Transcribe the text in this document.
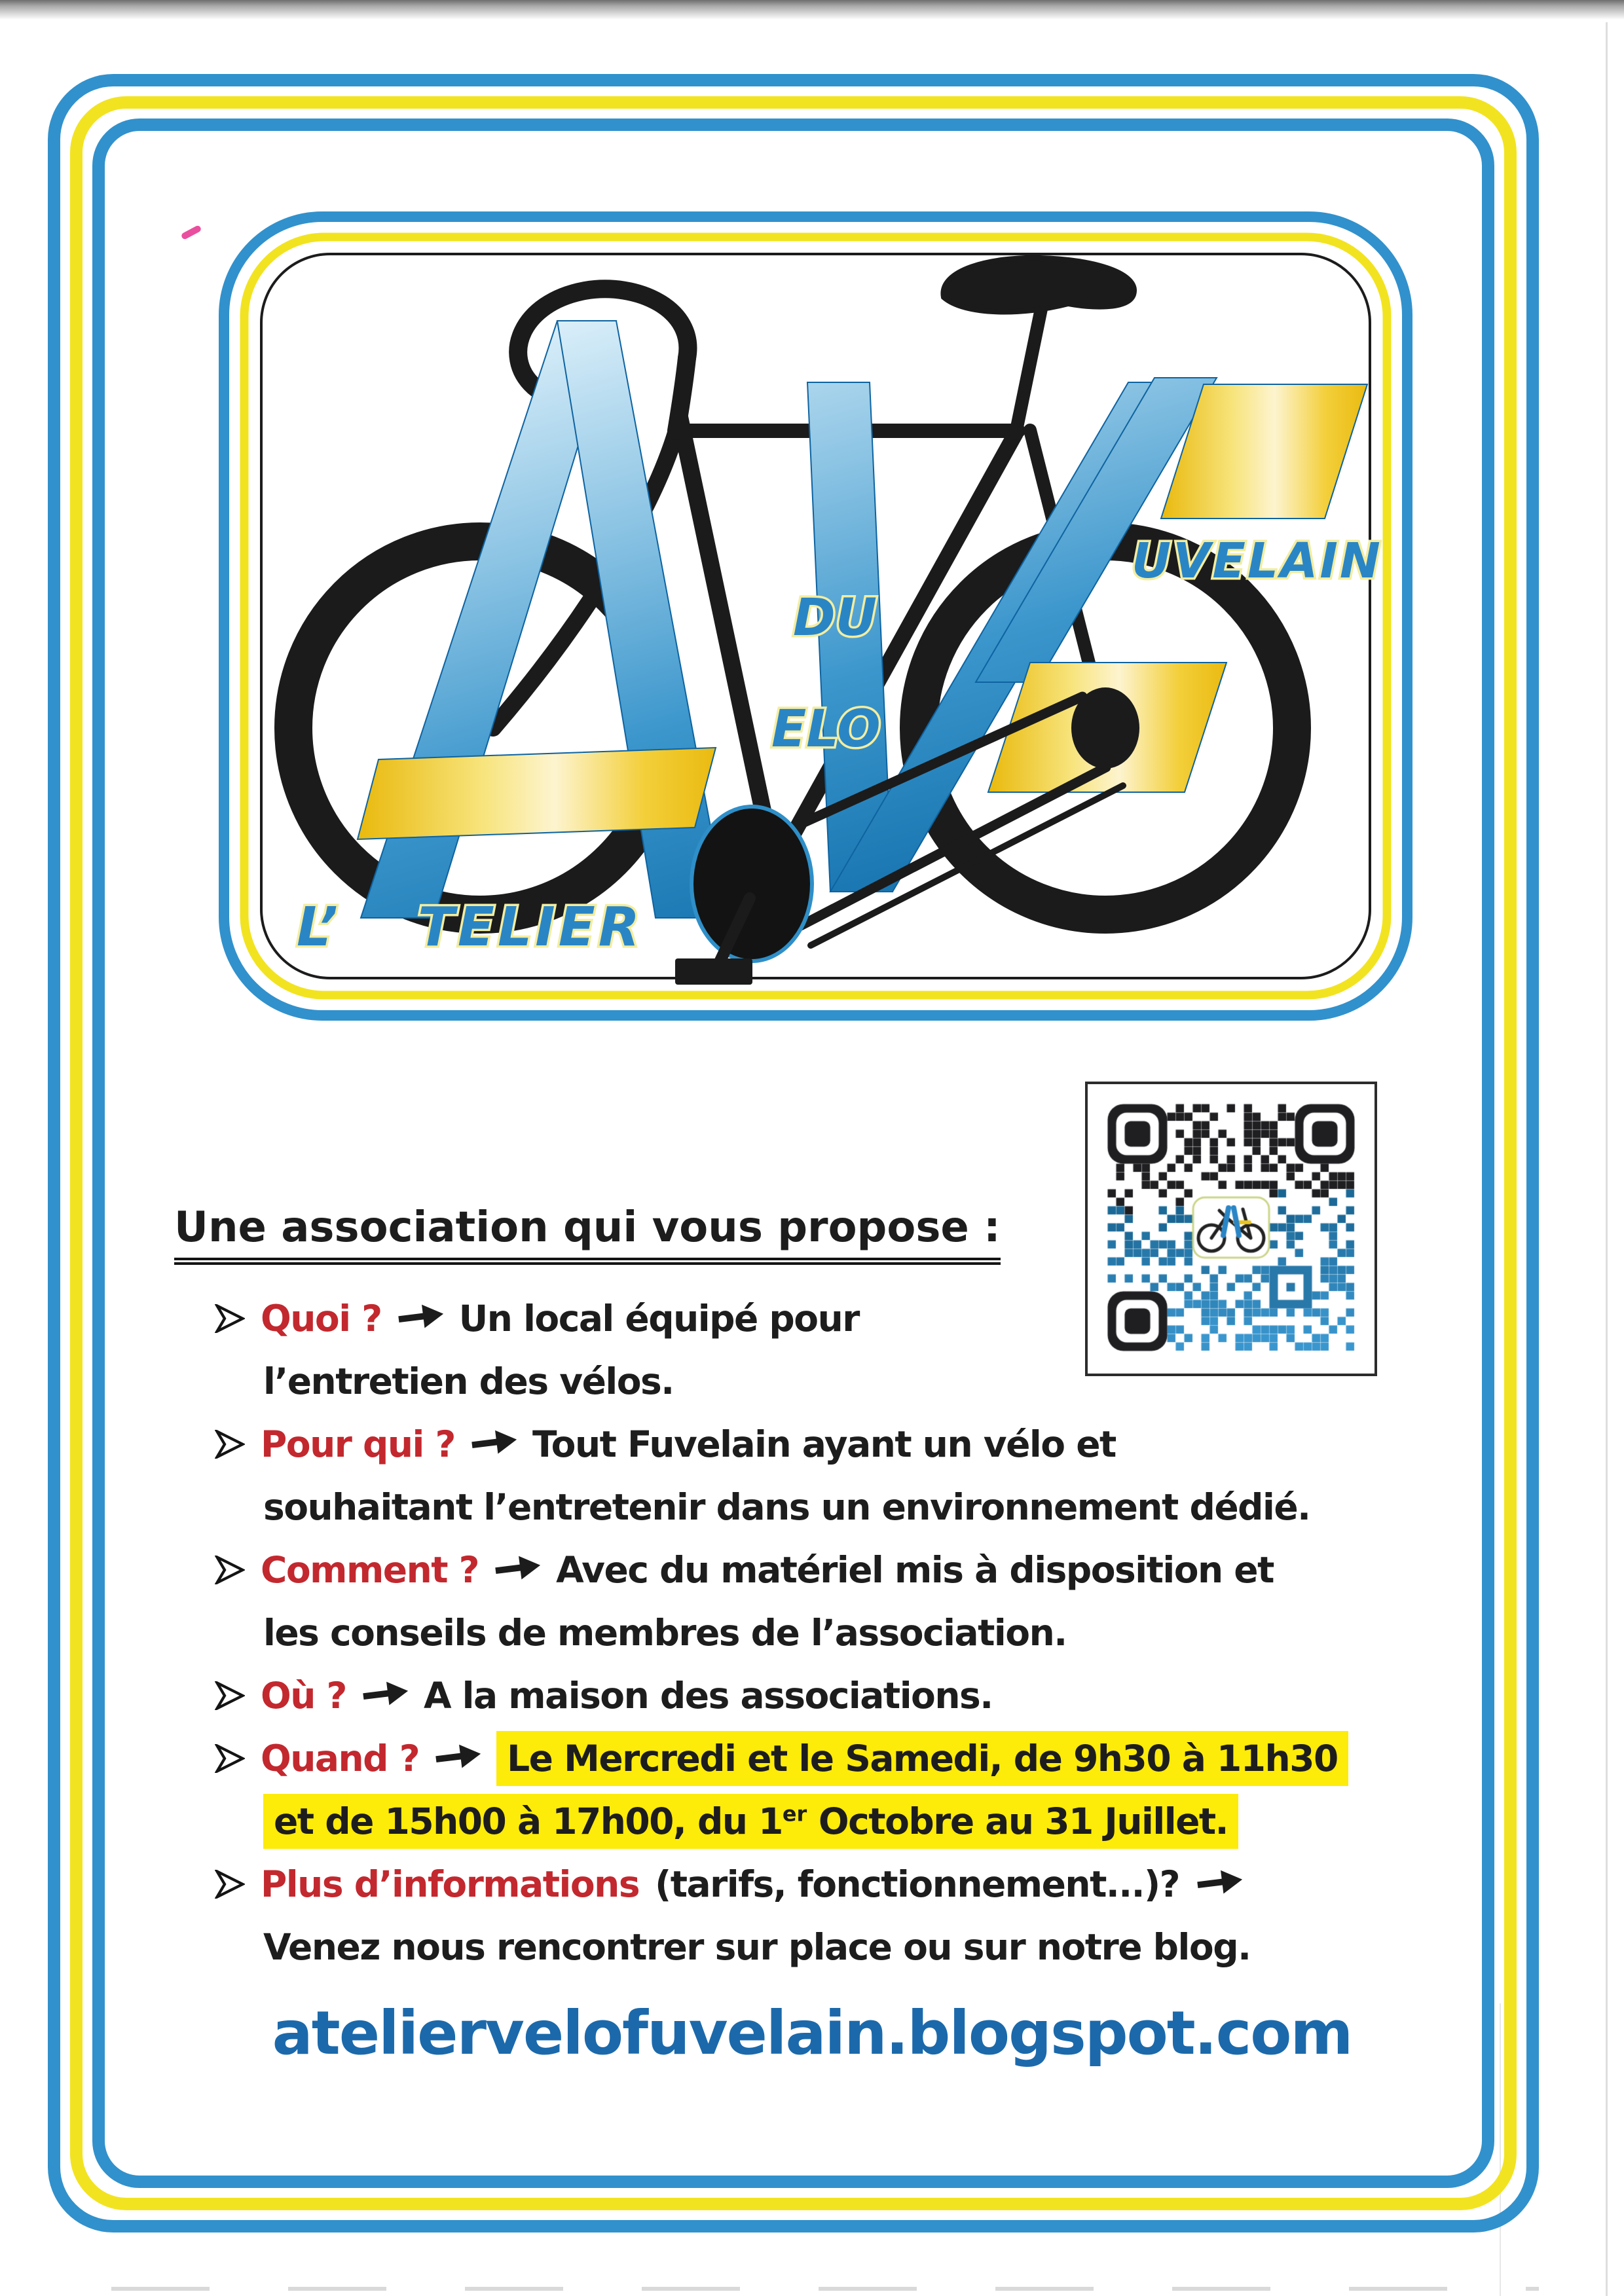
UVELAIN
DU
ELO
L’ TELIER
Une association qui vous propose :
Quoi ? Un local équipé pour
l’entretien des vélos.
Pour qui ? Tout Fuvelain ayant un vélo et
souhaitant l’entretenir dans un environnement dédié.
Comment ? Avec du matériel mis à disposition et
les conseils de membres de l’association.
Où ? A la maison des associations.
Quand ? Le Mercredi et le Samedi, de 9h30 à 11h30
et de 15h00 à 17h00, du 1er Octobre au 31 Juillet.
Plus d’informations (tarifs, fonctionnement...)?
Venez nous rencontrer sur place ou sur notre blog.
ateliervelofuvelain.blogspot.com
